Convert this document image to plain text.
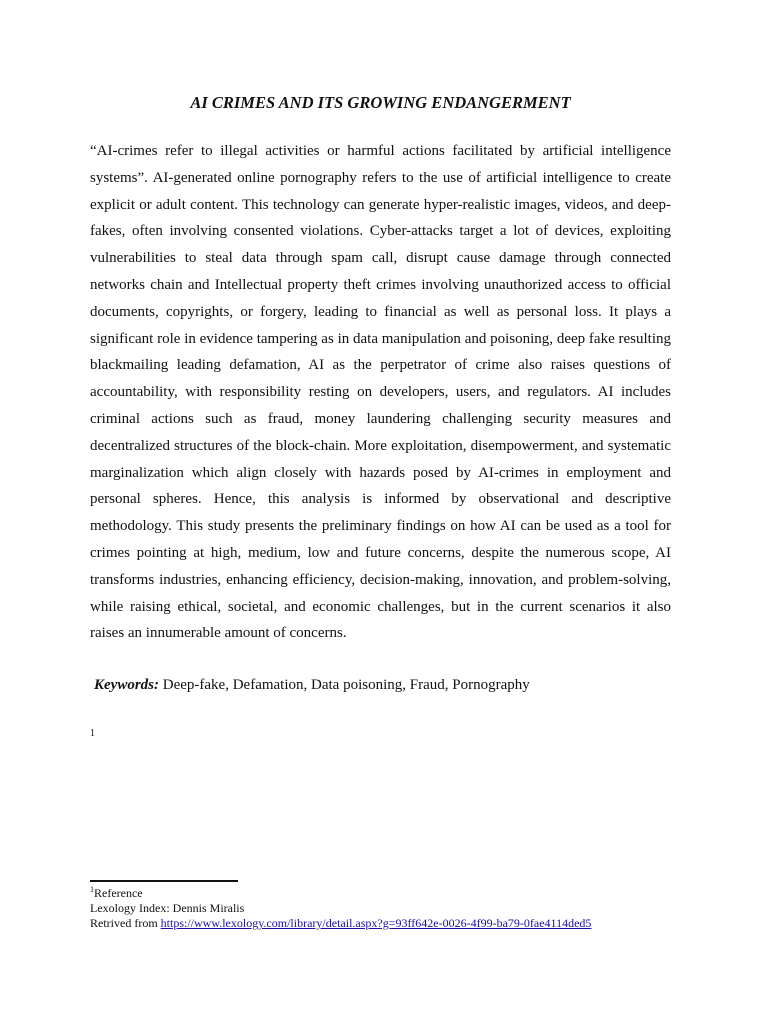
AI CRIMES AND ITS GROWING ENDANGERMENT

“AI-crimes refer to illegal activities or harmful actions facilitated by artificial intelligence systems”. AI-generated online pornography refers to the use of artificial intelligence to create explicit or adult content. This technology can generate hyper-realistic images, videos, and deep-fakes, often involving consented violations. Cyber-attacks target a lot of devices, exploiting vulnerabilities to steal data through spam call, disrupt cause damage through connected networks chain and Intellectual property theft crimes involving unauthorized access to official documents, copyrights, or forgery, leading to financial as well as personal loss. It plays a significant role in evidence tampering as in data manipulation and poisoning, deep fake resulting blackmailing leading defamation, AI as the perpetrator of crime also raises questions of accountability, with responsibility resting on developers, users, and regulators. AI includes criminal actions such as fraud, money laundering challenging security measures and decentralized structures of the block-chain. More exploitation, disempowerment, and systematic marginalization which align closely with hazards posed by AI-crimes in employment and personal spheres. Hence, this analysis is informed by observational and descriptive methodology. This study presents the preliminary findings on how AI can be used as a tool for crimes pointing at high, medium, low and future concerns, despite the numerous scope, AI transforms industries, enhancing efficiency, decision-making, innovation, and problem-solving, while raising ethical, societal, and economic challenges, but in the current scenarios it also raises an innumerable amount of concerns.

Keywords: Deep-fake, Defamation, Data poisoning, Fraud, Pornography

1

$^1$Reference
Lexology Index: Dennis Miralis
Retrived from https://www.lexology.com/library/detail.aspx?g=93ff642e-0026-4f99-ba79-0fae4114ded5
